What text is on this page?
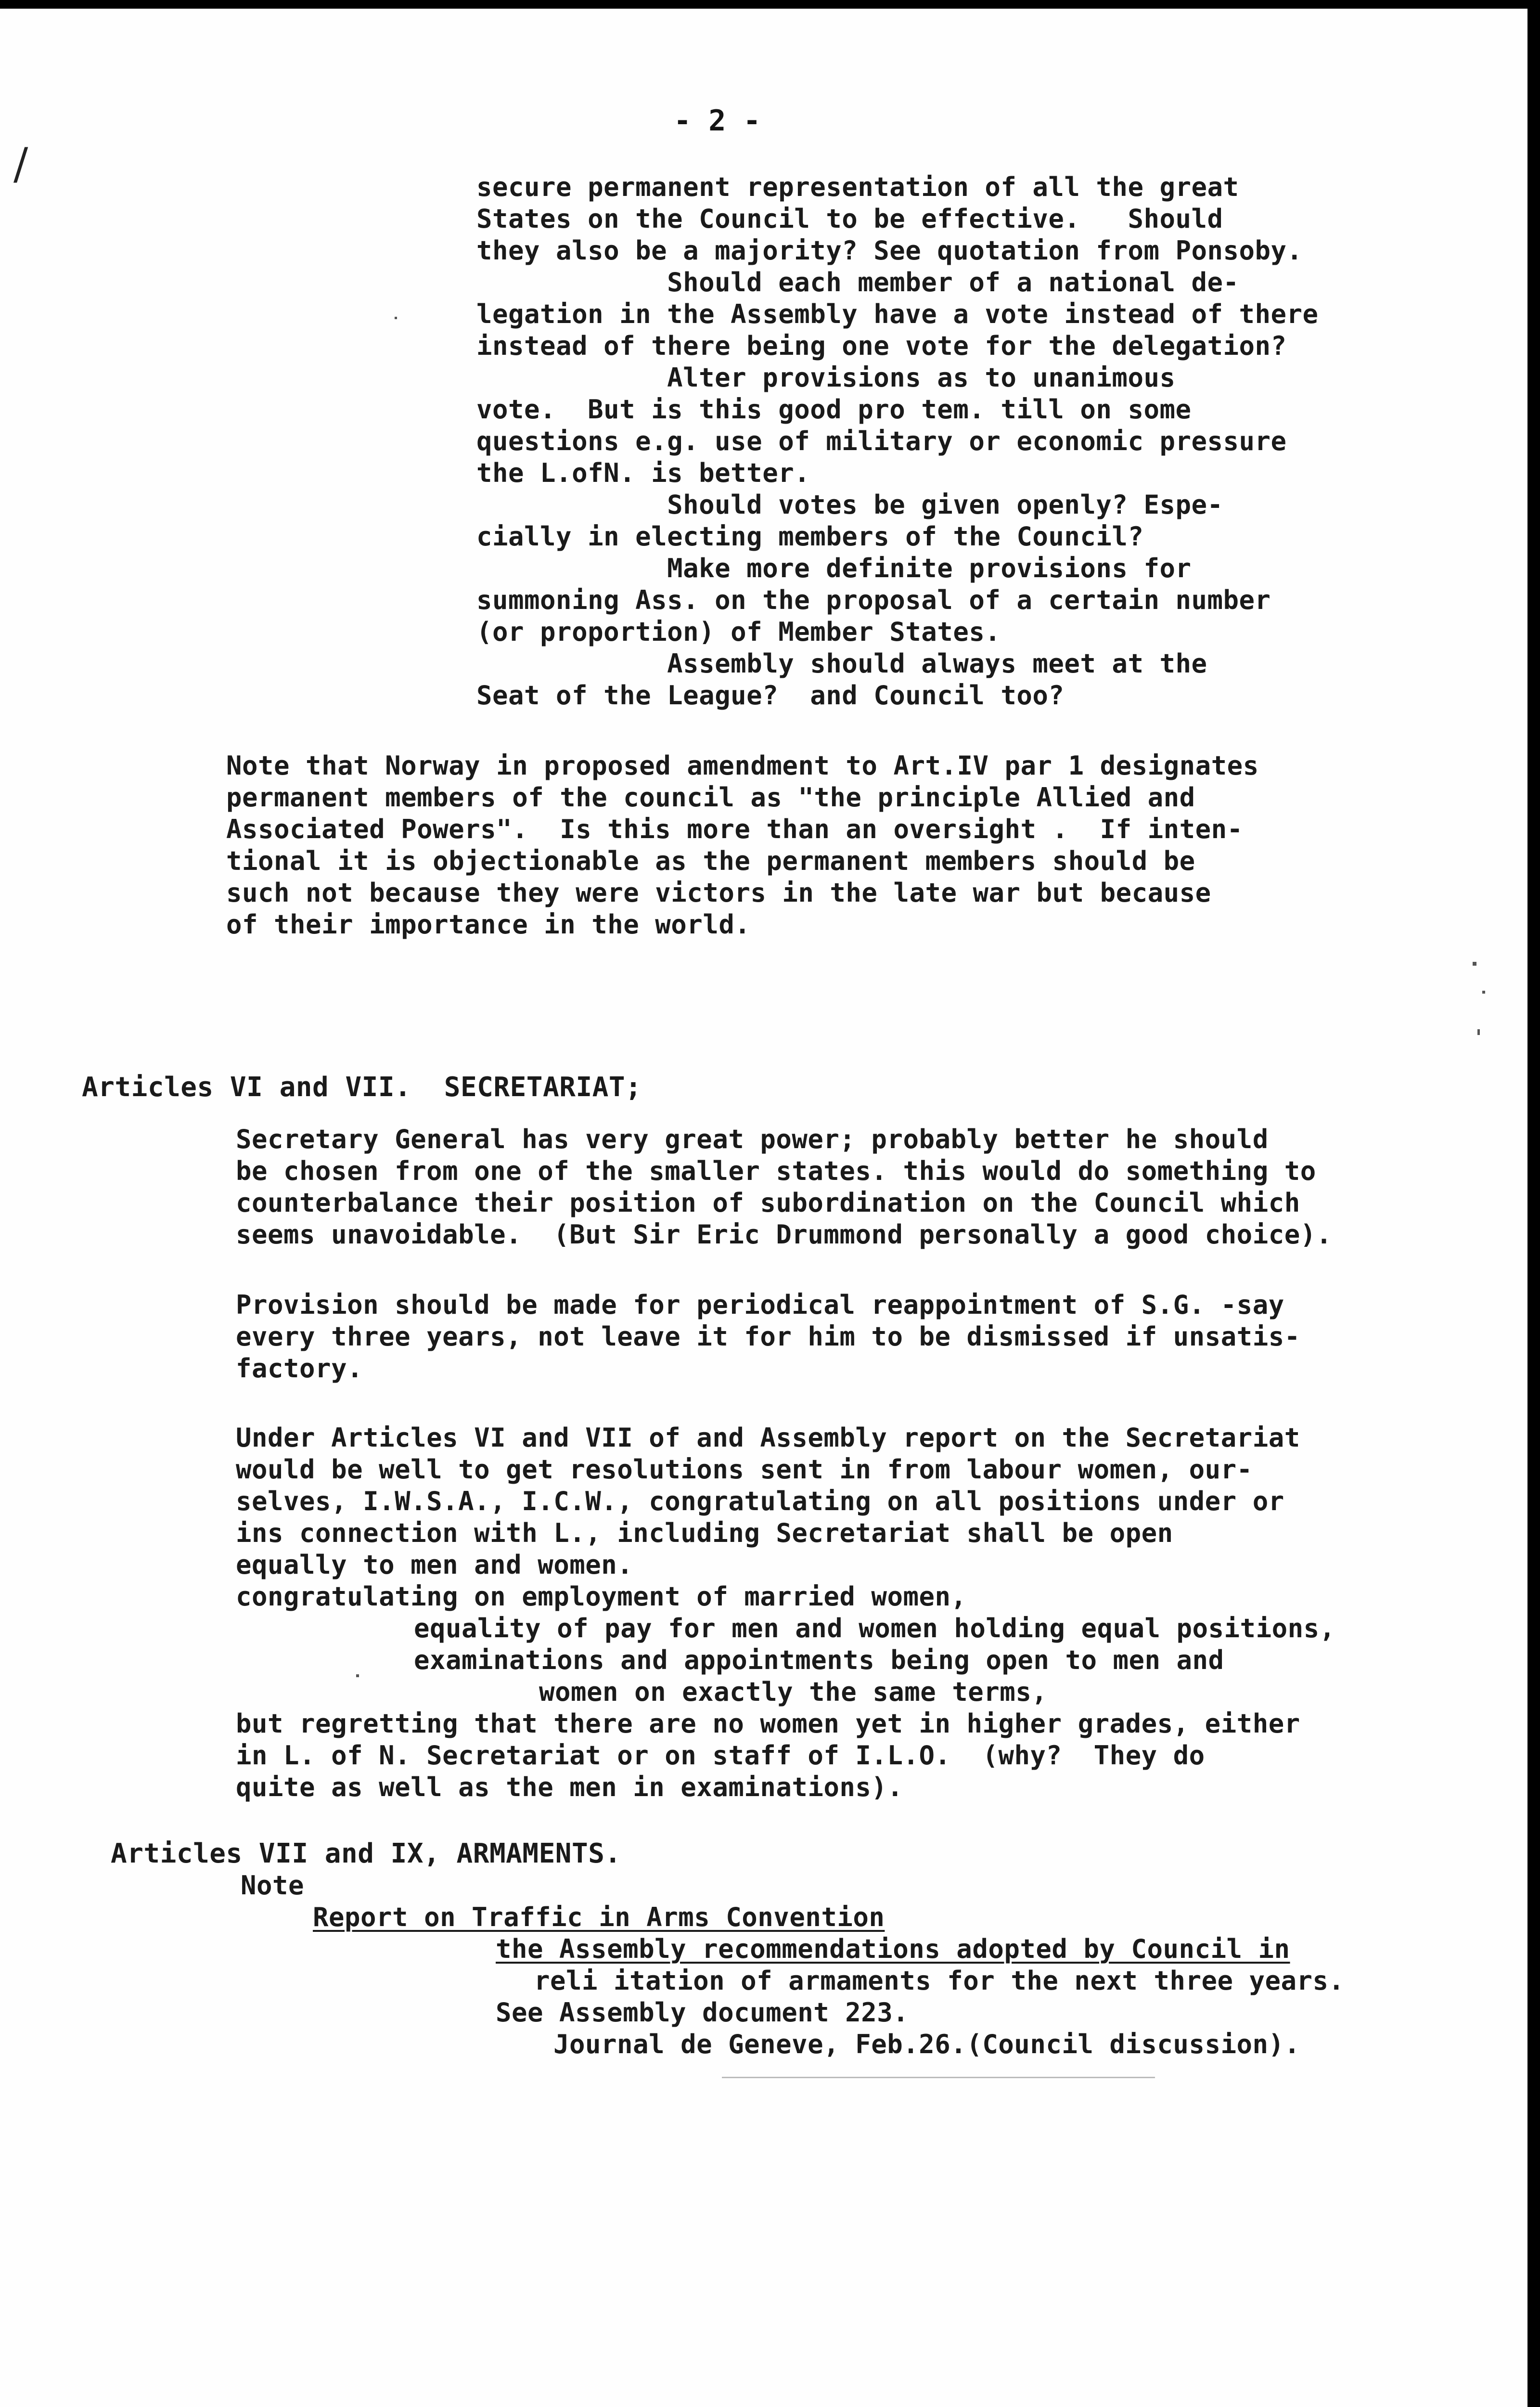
/
- 2 -
secure permanent representation of all the great
States on the Council to be effective.   Should
they also be a majority? See quotation from Ponsoby.
Should each member of a national de-
legation in the Assembly have a vote instead of there
instead of there being one vote for the delegation?
Alter provisions as to unanimous
vote.  But is this good pro tem. till on some
questions e.g. use of military or economic pressure
the L.ofN. is better.
Should votes be given openly? Espe-
cially in electing members of the Council?
Make more definite provisions for
summoning Ass. on the proposal of a certain number
(or proportion) of Member States.
Assembly should always meet at the
Seat of the League?  and Council too?
Note that Norway in proposed amendment to Art.IV par 1 designates
permanent members of the council as "the principle Allied and
Associated Powers".  Is this more than an oversight .  If inten-
tional it is objectionable as the permanent members should be
such not because they were victors in the late war but because
of their importance in the world.
Articles VI and VII.  SECRETARIAT;
Secretary General has very great power; probably better he should
be chosen from one of the smaller states. this would do something to
counterbalance their position of subordination on the Council which
seems unavoidable.  (But Sir Eric Drummond personally a good choice).
Provision should be made for periodical reappointment of S.G. -say
every three years, not leave it for him to be dismissed if unsatis-
factory.
Under Articles VI and VII of and Assembly report on the Secretariat
would be well to get resolutions sent in from labour women, our-
selves, I.W.S.A., I.C.W., congratulating on all positions under or
ins connection with L., including Secretariat shall be open
equally to men and women.
congratulating on employment of married women,
equality of pay for men and women holding equal positions,
examinations and appointments being open to men and
women on exactly the same terms,
but regretting that there are no women yet in higher grades, either
in L. of N. Secretariat or on staff of I.L.O.  (why?  They do
quite as well as the men in examinations).
Articles VII and IX, ARMAMENTS.
Note
Report on Traffic in Arms Convention
the Assembly recommendations adopted by Council in
reli itation of armaments for the next three years.
See Assembly document 223.
Journal de Geneve, Feb.26.(Council discussion).
